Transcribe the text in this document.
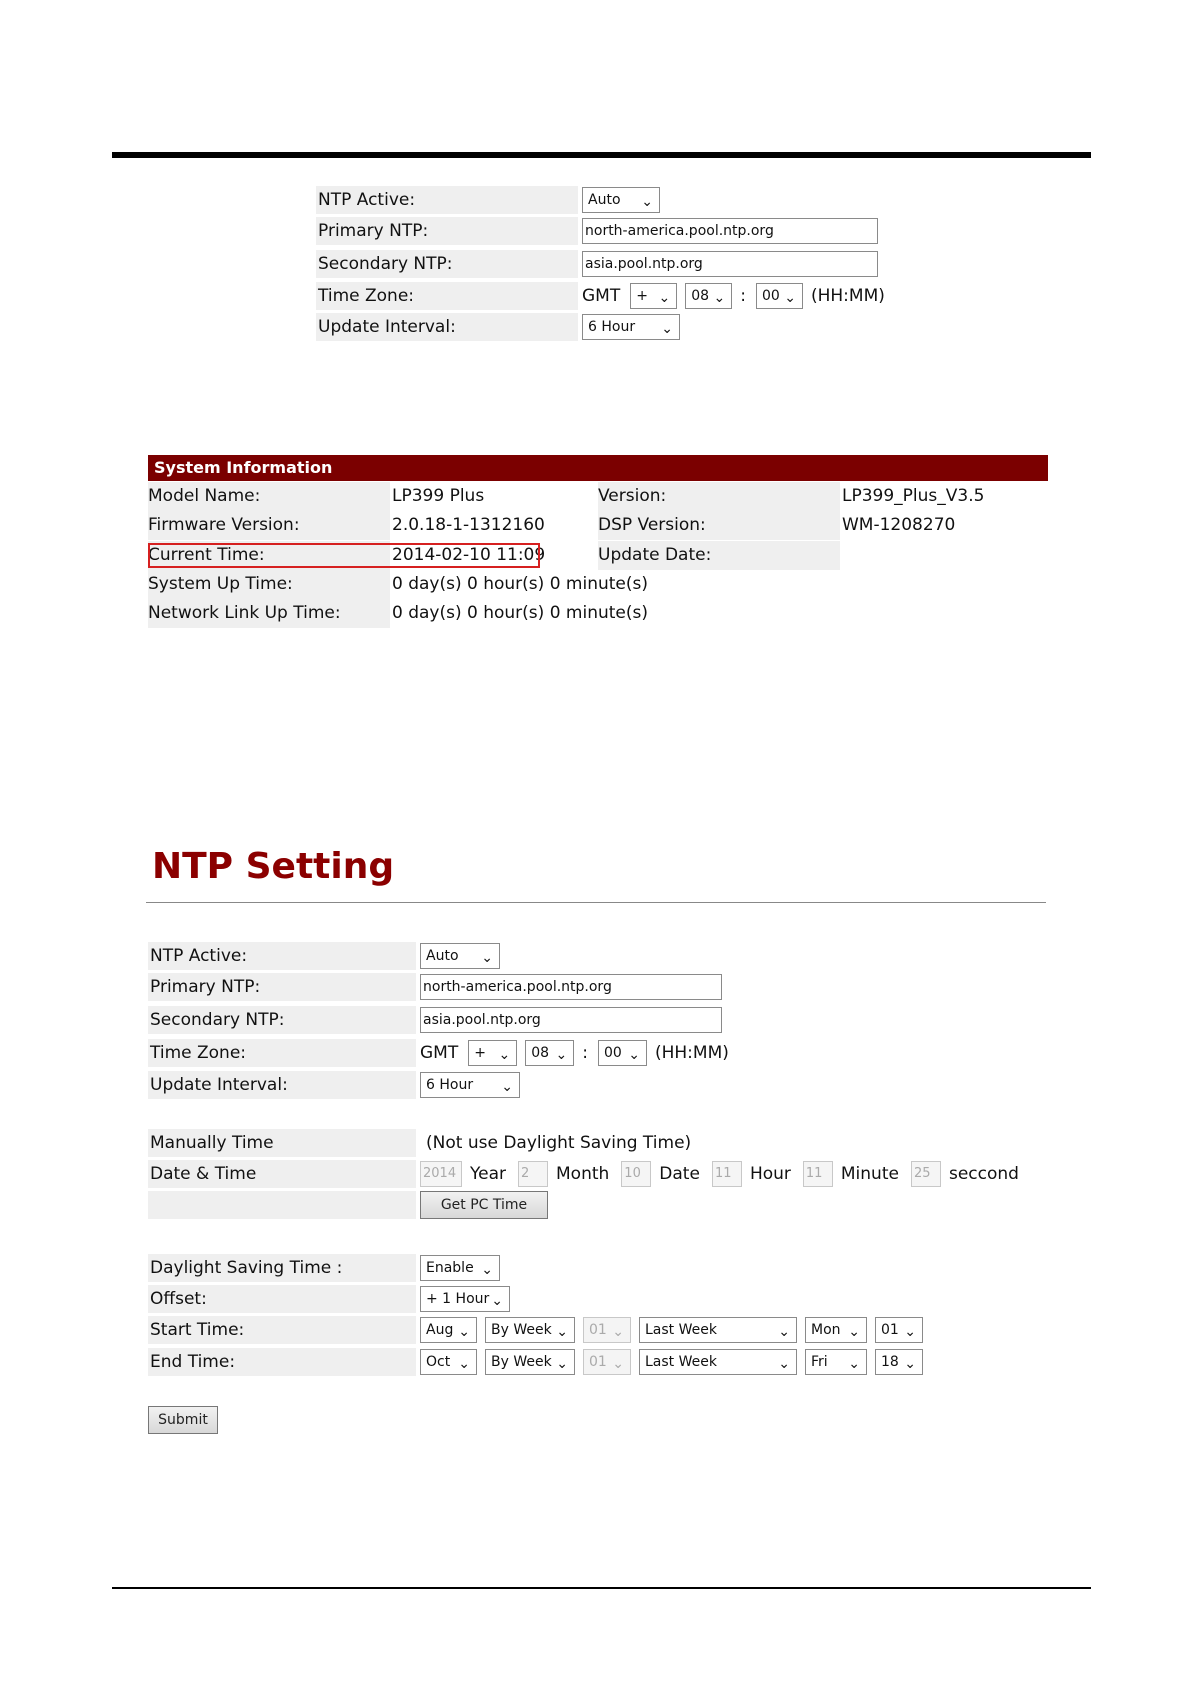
NTP Active:	Auto ⌄
Primary NTP:	north-america.pool.ntp.org
Secondary NTP:	asia.pool.ntp.org
Time Zone:	GMT	+ ⌄	08 ⌄ :	00 ⌄ (HH:MM)
Update Interval:	6 Hour ⌄
System Information
Model Name:	LP399 Plus	Version:	LP399_Plus_V3.5
Firmware Version:	2.0.18-1-1312160	DSP Version:	WM-1208270
Current Time:	2014-02-10 11:09	Update Date:
System Up Time:	0 day(s) 0 hour(s) 0 minute(s)
Network Link Up Time:	0 day(s) 0 hour(s) 0 minute(s)
NTP Setting
NTP Active:	Auto ⌄
Primary NTP:	north-america.pool.ntp.org
Secondary NTP:	asia.pool.ntp.org
Time Zone:	GMT	+ ⌄	08 ⌄ :	00 ⌄ (HH:MM)
Update Interval:	6 Hour ⌄
Manually Time	(Not use Daylight Saving Time)
Date & Time	2014 Year 2	Month 10	Date 11	Hour 11	Minute 25	seccond
Get PC Time
Daylight Saving Time :	Enable ⌄
Offset:	+ 1 Hour ⌄
Start Time:	Aug ⌄	By Week ⌄	01 ⌄	Last Week	⌄	Mon ⌄	01 ⌄
End Time:	Oct ⌄	By Week ⌄	01 ⌄	Last Week	⌄	Fri ⌄	18 ⌄
Submit
